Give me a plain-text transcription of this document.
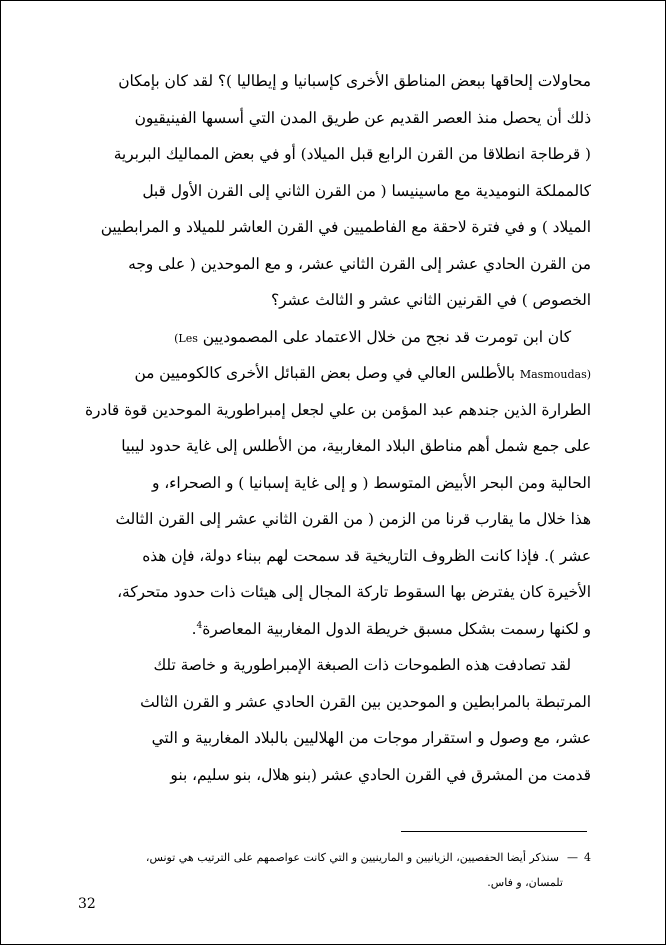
محاولات إلحاقها ببعض المناطق الأخرى كإسبانيا و إيطاليا )؟ لقد كان بإمكان
ذلك أن يحصل منذ العصر القديم عن طريق المدن التي أسسها الفينيقيون
( قرطاجة انطلاقا من القرن الرابع قبل الميلاد) أو في بعض المماليك البربرية
كالمملكة النوميدية مع ماسينيسا ( من القرن الثاني إلى القرن الأول قبل
الميلاد ) و في فترة لاحقة مع الفاطميين في القرن العاشر للميلاد و المرابطيين
من القرن الحادي عشر إلى القرن الثاني عشر، و مع الموحدين ( على وجه
الخصوص ) في القرنين الثاني عشر و الثالث عشر؟
كان ابن تومرت قد نجح من خلال الاعتماد على المصموديين (Les
Masmoudas) بالأطلس العالي في وصل بعض القبائل الأخرى كالكوميين من
الطرارة الذين جندهم عبد المؤمن بن علي لجعل إمبراطورية الموحدين قوة قادرة
على جمع شمل أهم مناطق البلاد المغاربية، من الأطلس إلى غاية حدود ليبيا
الحالية ومن البحر الأبيض المتوسط ( و إلى غاية إسبانيا ) و الصحراء، و
هذا خلال ما يقارب قرنا من الزمن ( من القرن الثاني عشر إلى القرن الثالث
عشر ). فإذا كانت الظروف التاريخية قد سمحت لهم ببناء دولة، فإن هذه
الأخيرة كان يفترض بها السقوط تاركة المجال إلى هيئات ذات حدود متحركة،
و لكنها رسمت بشكل مسبق خريطة الدول المغاربية المعاصرة$^4$.
لقد تصادفت هذه الطموحات ذات الصبغة الإمبراطورية و خاصة تلك
المرتبطة بالمرابطين و الموحدين بين القرن الحادي عشر و القرن الثالث
عشر، مع وصول و استقرار موجات من الهلاليين بالبلاد المغاربية و التي
قدمت من المشرق في القرن الحادي عشر (بنو هلال، بنو سليم، بنو
4—سنذكر أيضا الحفصيين، الزيانيين و المارينيين و التي كانت عواصمهم على الترتيب هي تونس،
تلمسان، و فاس.
32
